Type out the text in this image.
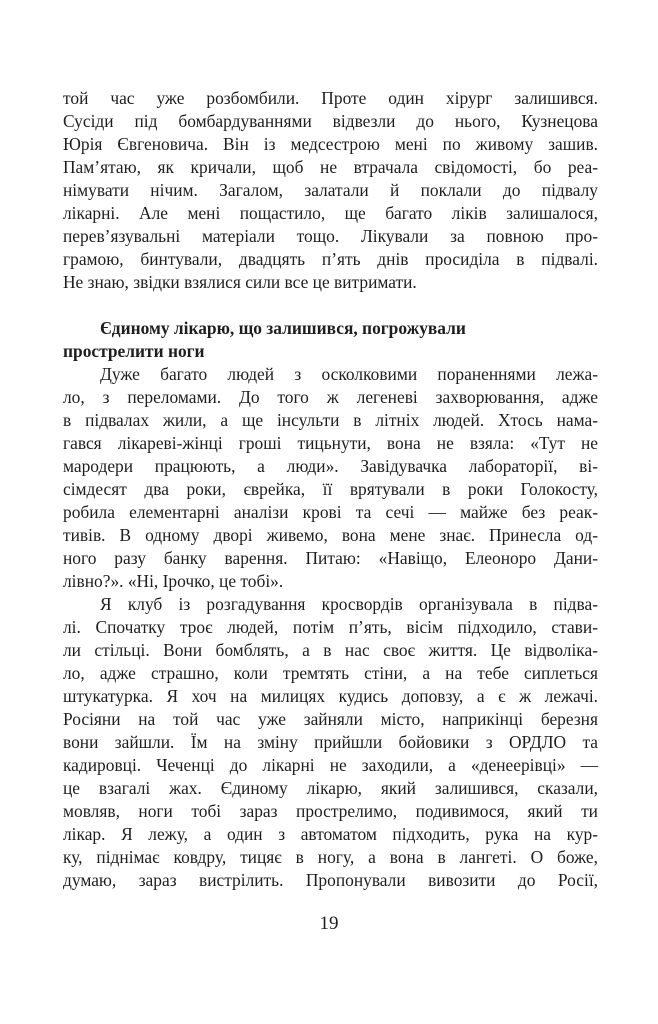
той час уже розбомбили. Проте один хірург залишився.
Сусіди під бомбардуваннями відвезли до нього, Кузнецова
Юрія Євгеновича. Він із медсестрою мені по живому зашив.
Пам’ятаю, як кричали, щоб не втрачала свідомості, бо реа-
німувати нічим. Загалом, залатали й поклали до підвалу
лікарні. Але мені пощастило, ще багато ліків залишалося,
перев’язувальні матеріали тощо. Лікували за повною про-
грамою, бинтували, двадцять п’ять днів просиділа в підвалі.
Не знаю, звідки взялися сили все це витримати.
Єдиному лікарю, що залишився, погрожували
прострелити ноги
Дуже багато людей з осколковими пораненнями лежа-
ло, з переломами. До того ж легеневі захворювання, адже
в підвалах жили, а ще інсульти в літніх людей. Хтось нама-
гався лікареві-жінці гроші тицьнути, вона не взяла: «Тут не
мародери працюють, а люди». Завідувачка лабораторії, ві-
сімдесят два роки, єврейка, її врятували в роки Голокосту,
робила елементарні аналізи крові та сечі — майже без реак-
тивів. В одному дворі живемо, вона мене знає. Принесла од-
ного разу банку варення. Питаю: «Навіщо, Елеоноро Дани-
лівно?». «Ні, Ірочко, це тобі».
Я клуб із розгадування кросвордів організувала в підва-
лі. Спочатку троє людей, потім п’ять, вісім підходило, стави-
ли стільці. Вони бомблять, а в нас своє життя. Це відволіка-
ло, адже страшно, коли тремтять стіни, а на тебе сиплеться
штукатурка. Я хоч на милицях кудись доповзу, а є ж лежачі.
Росіяни на той час уже зайняли місто, наприкінці березня
вони зайшли. Їм на зміну прийшли бойовики з ОРДЛО та
кадировці. Чеченці до лікарні не заходили, а «денеерівці» —
це взагалі жах. Єдиному лікарю, який залишився, сказали,
мовляв, ноги тобі зараз прострелимо, подивимося, який ти
лікар. Я лежу, а один з автоматом підходить, рука на кур-
ку, піднімає ковдру, тицяє в ногу, а вона в лангеті. О боже,
думаю, зараз вистрілить. Пропонували вивозити до Росії,
19
